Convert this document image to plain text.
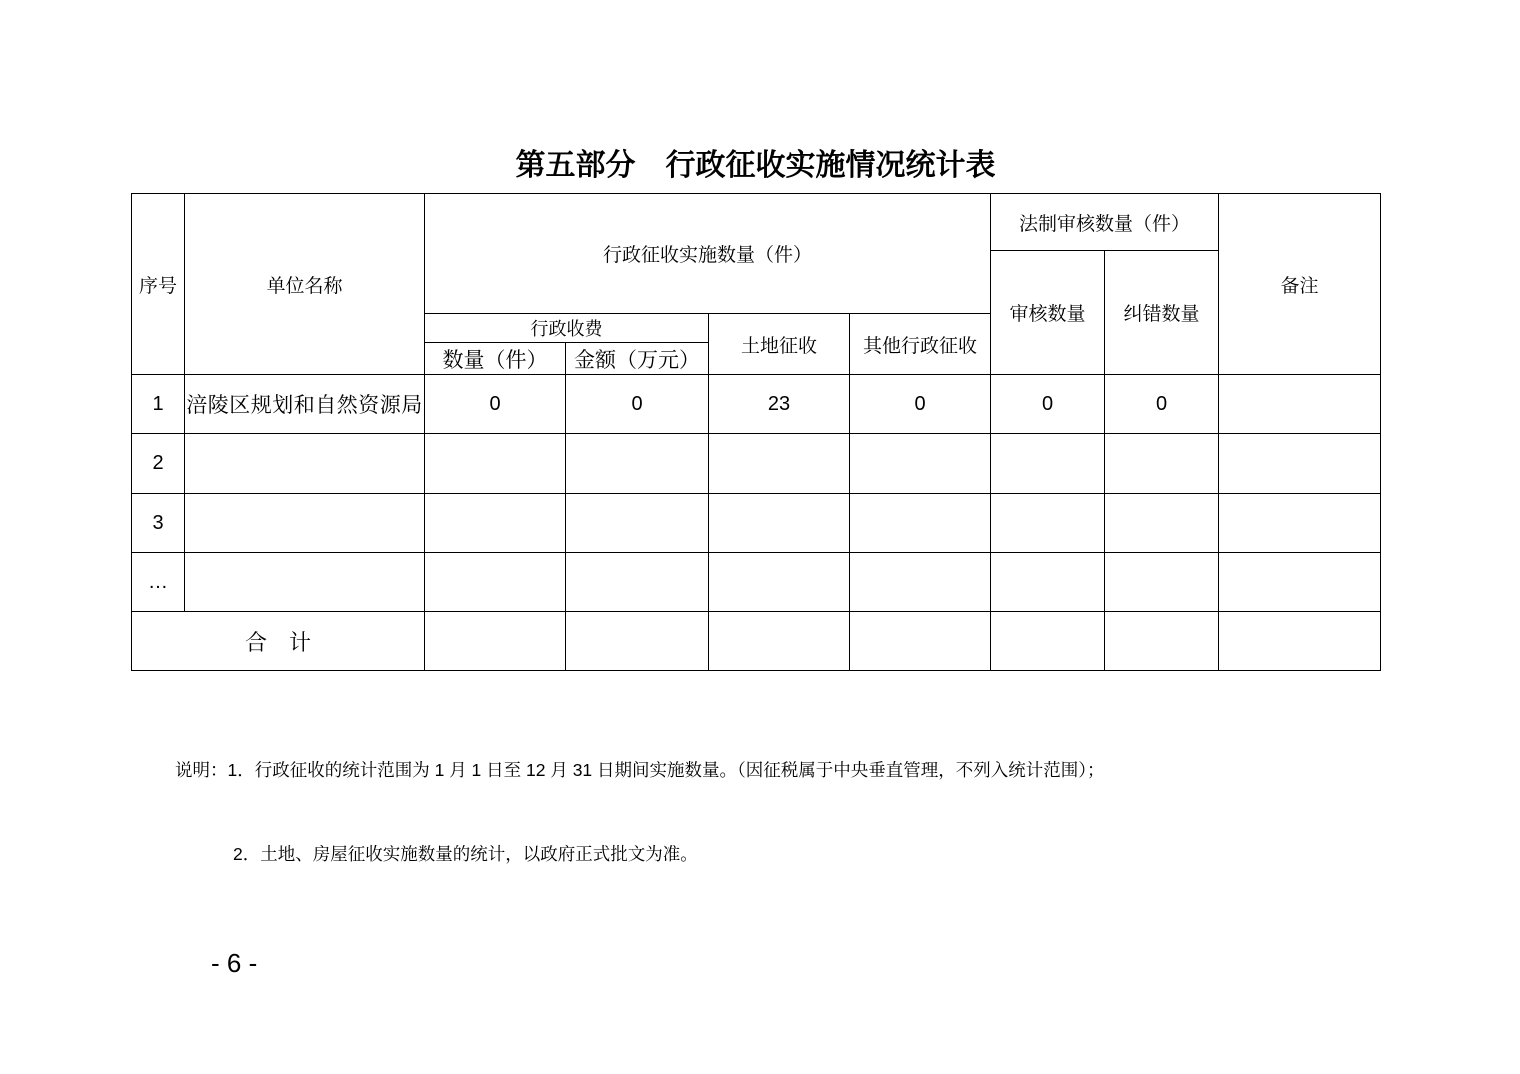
第五部分　行政征收实施情况统计表
序号	单位名称	行政征收实施数量（件）				法制审核数量（件）		备注
						审核数量	纠错数量	
		行政收费		土地征收	其他行政征收			
		数量（件）	金额（万元）					
1	涪陵区规划和自然资源局	0	0	23	0	0	0	
2								
3								
…								
合　计								

说明：1．行政征收的统计范围为 1 月 1 日至 12 月 31 日期间实施数量。（因征税属于中央垂直管理，不列入统计范围）；

2．土地、房屋征收实施数量的统计，以政府正式批文为准。

- 6 -
